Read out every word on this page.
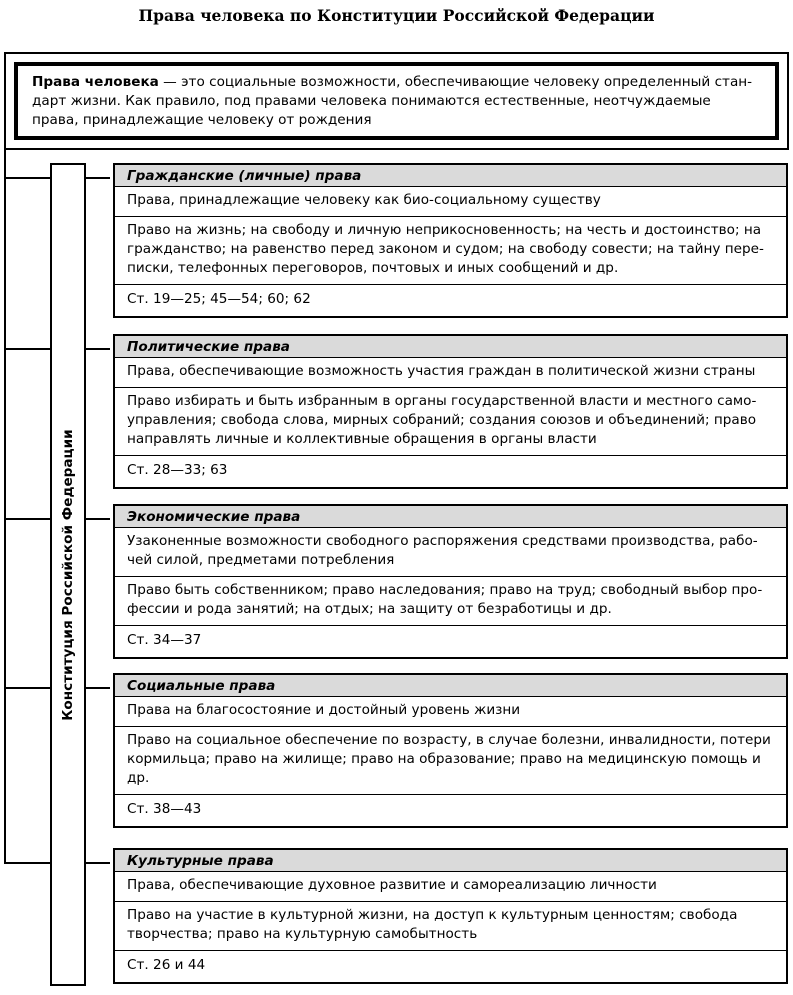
Права человека по Конституции Российской Федерации
Права человека — это социальные возможности, обеспечивающие человеку определенный стан-дарт жизни. Как правило, под правами человека понимаются естественные, неотчуждаемые права, принадлежащие человеку от рождения
Конституция Российской Федерации
Гражданские (личные) права
Права, принадлежащие человеку как био-социальному существу
Право на жизнь; на свободу и личную неприкосновенность; на честь и достоинство; на гражданство; на равенство перед законом и судом; на свободу совести; на тайну пере-писки, телефонных переговоров, почтовых и иных сообщений и др.
Ст. 19—25; 45—54; 60; 62
Политические права
Права, обеспечивающие возможность участия граждан в политической жизни страны
Право избирать и быть избранным в органы государственной власти и местного само-управления; свобода слова, мирных собраний; создания союзов и объединений; право направлять личные и коллективные обращения в органы власти
Ст. 28—33; 63
Экономические права
Узаконенные возможности свободного распоряжения средствами производства, рабо-чей силой, предметами потребления
Право быть собственником; право наследования; право на труд; свободный выбор про-фессии и рода занятий; на отдых; на защиту от безработицы и др.
Ст. 34—37
Социальные права
Права на благосостояние и достойный уровень жизни
Право на социальное обеспечение по возрасту, в случае болезни, инвалидности, потери кормильца; право на жилище; право на образование; право на медицинскую помощь и др.
Ст. 38—43
Культурные права
Права, обеспечивающие духовное развитие и самореализацию личности
Право на участие в культурной жизни, на доступ к культурным ценностям; свобода творчества; право на культурную самобытность
Ст. 26 и 44
